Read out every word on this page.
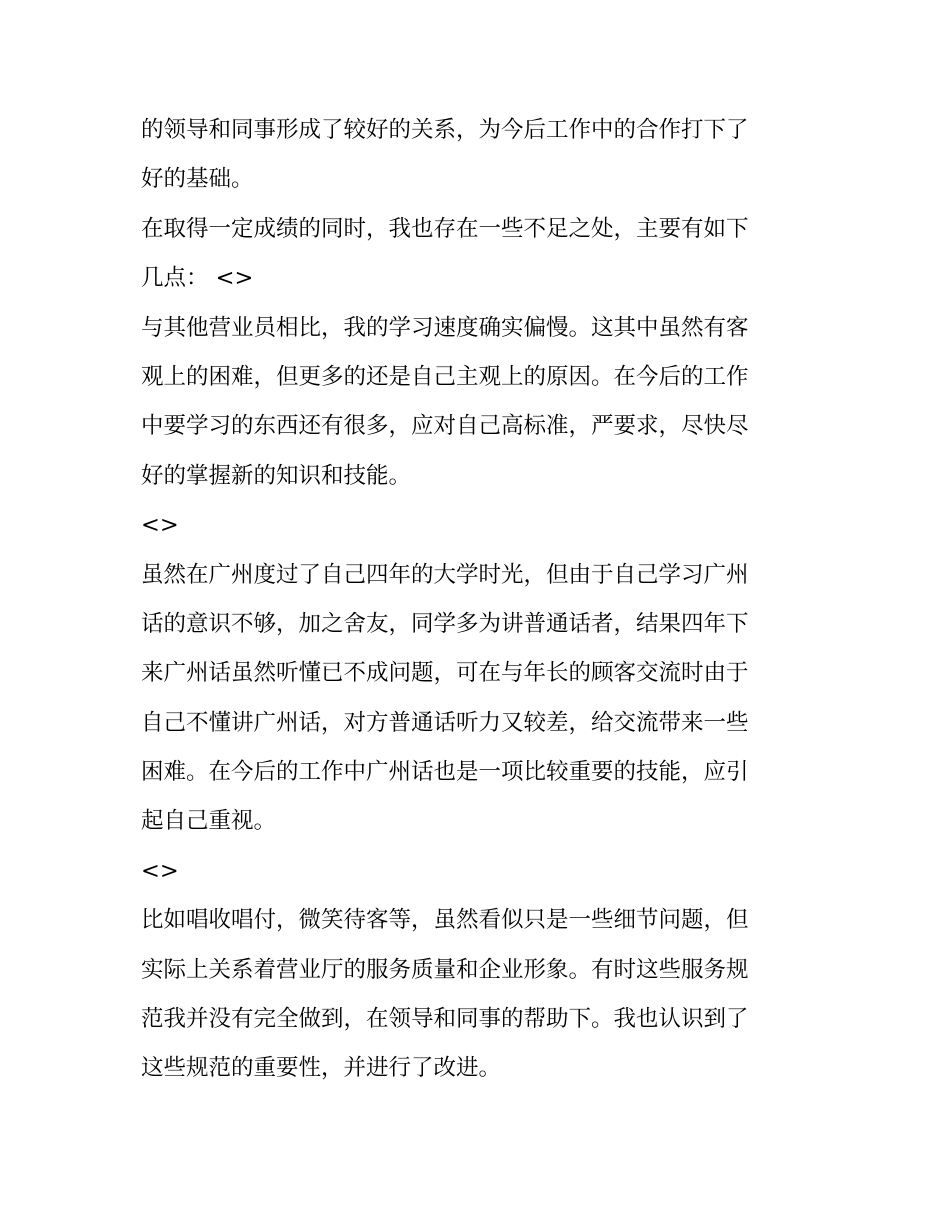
的领导和同事形成了较好的关系，为今后工作中的合作打下了
好的基础。

在取得一定成绩的同时，我也存在一些不足之处，主要有如下
几点： <>

与其他营业员相比，我的学习速度确实偏慢。这其中虽然有客
观上的困难，但更多的还是自己主观上的原因。在今后的工作
中要学习的东西还有很多，应对自己高标准，严要求，尽快尽
好的掌握新的知识和技能。

<>

虽然在广州度过了自己四年的大学时光，但由于自己学习广州
话的意识不够，加之舍友，同学多为讲普通话者，结果四年下
来广州话虽然听懂已不成问题，可在与年长的顾客交流时由于
自己不懂讲广州话，对方普通话听力又较差，给交流带来一些
困难。在今后的工作中广州话也是一项比较重要的技能，应引
起自己重视。

<>

比如唱收唱付，微笑待客等，虽然看似只是一些细节问题，但
实际上关系着营业厅的服务质量和企业形象。有时这些服务规
范我并没有完全做到，在领导和同事的帮助下。我也认识到了
这些规范的重要性，并进行了改进。
